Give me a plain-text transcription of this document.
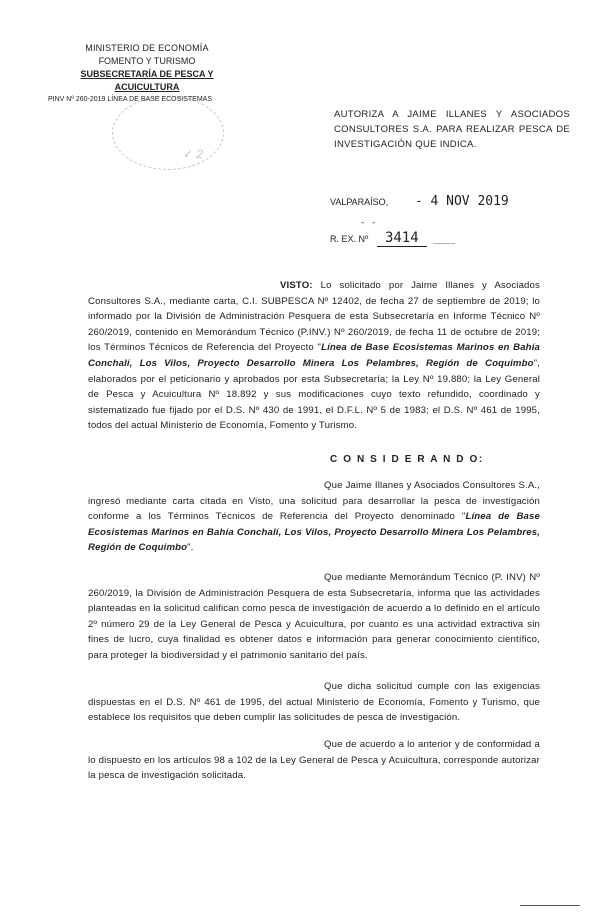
MINISTERIO DE ECONOMÍA
FOMENTO Y TURISMO
SUBSECRETARÍA DE PESCA Y ACUICULTURA
PINV Nº 260-2019 LÍNEA DE BASE ECOSISTEMAS

✓ 2
AUTORIZA A JAIME ILLANES Y ASOCIADOS CONSULTORES S.A. PARA REALIZAR PESCA DE INVESTIGACIÓN QUE INDICA.
VALPARAÍSO, - 4 NOV 2019
- -
R. EX. Nº 3414 ____
VISTO: Lo solicitado por Jaime Illanes y Asociados Consultores S.A., mediante carta, C.I. SUBPESCA Nº 12402, de fecha 27 de septiembre de 2019; lo informado por la División de Administración Pesquera de esta Subsecretaría en Informe Técnico Nº 260/2019, contenido en Memorándum Técnico (P.INV.) Nº 260/2019, de fecha 11 de octubre de 2019; los Términos Técnicos de Referencia del Proyecto "Línea de Base Ecosistemas Marinos en Bahía Conchalí, Los Vilos, Proyecto Desarrollo Minera Los Pelambres, Región de Coquimbo", elaborados por el peticionario y aprobados por esta Subsecretaría; la Ley Nº 19.880; la Ley General de Pesca y Acuicultura Nº 18.892 y sus modificaciones cuyo texto refundido, coordinado y sistematizado fue fijado por el D.S. Nº 430 de 1991, el D.F.L. Nº 5 de 1983; el D.S. Nº 461 de 1995, todos del actual Ministerio de Economía, Fomento y Turismo.
C O N S I D E R A N D O:
Que Jaime Illanes y Asociados Consultores S.A., ingresó mediante carta citada en Visto, una solicitud para desarrollar la pesca de investigación conforme a los Términos Técnicos de Referencia del Proyecto denominado "Línea de Base Ecosistemas Marinos en Bahía Conchalí, Los Vilos, Proyecto Desarrollo Minera Los Pelambres, Región de Coquimbo".
Que mediante Memorándum Técnico (P. INV) Nº 260/2019, la División de Administración Pesquera de esta Subsecretaría, informa que las actividades planteadas en la solicitud califican como pesca de investigación de acuerdo a lo definido en el artículo 2º número 29 de la Ley General de Pesca y Acuicultura, por cuanto es una actividad extractiva sin fines de lucro, cuya finalidad es obtener datos e información para generar conocimiento científico, para proteger la biodiversidad y el patrimonio sanitario del país.
Que dicha solicitud cumple con las exigencias dispuestas en el D.S. Nº 461 de 1995, del actual Ministerio de Economía, Fomento y Turismo, que establece los requisitos que deben cumplir las solicitudes de pesca de investigación.
Que de acuerdo a lo anterior y de conformidad a lo dispuesto en los artículos 98 a 102 de la Ley General de Pesca y Acuicultura, corresponde autorizar la pesca de investigación solicitada.
